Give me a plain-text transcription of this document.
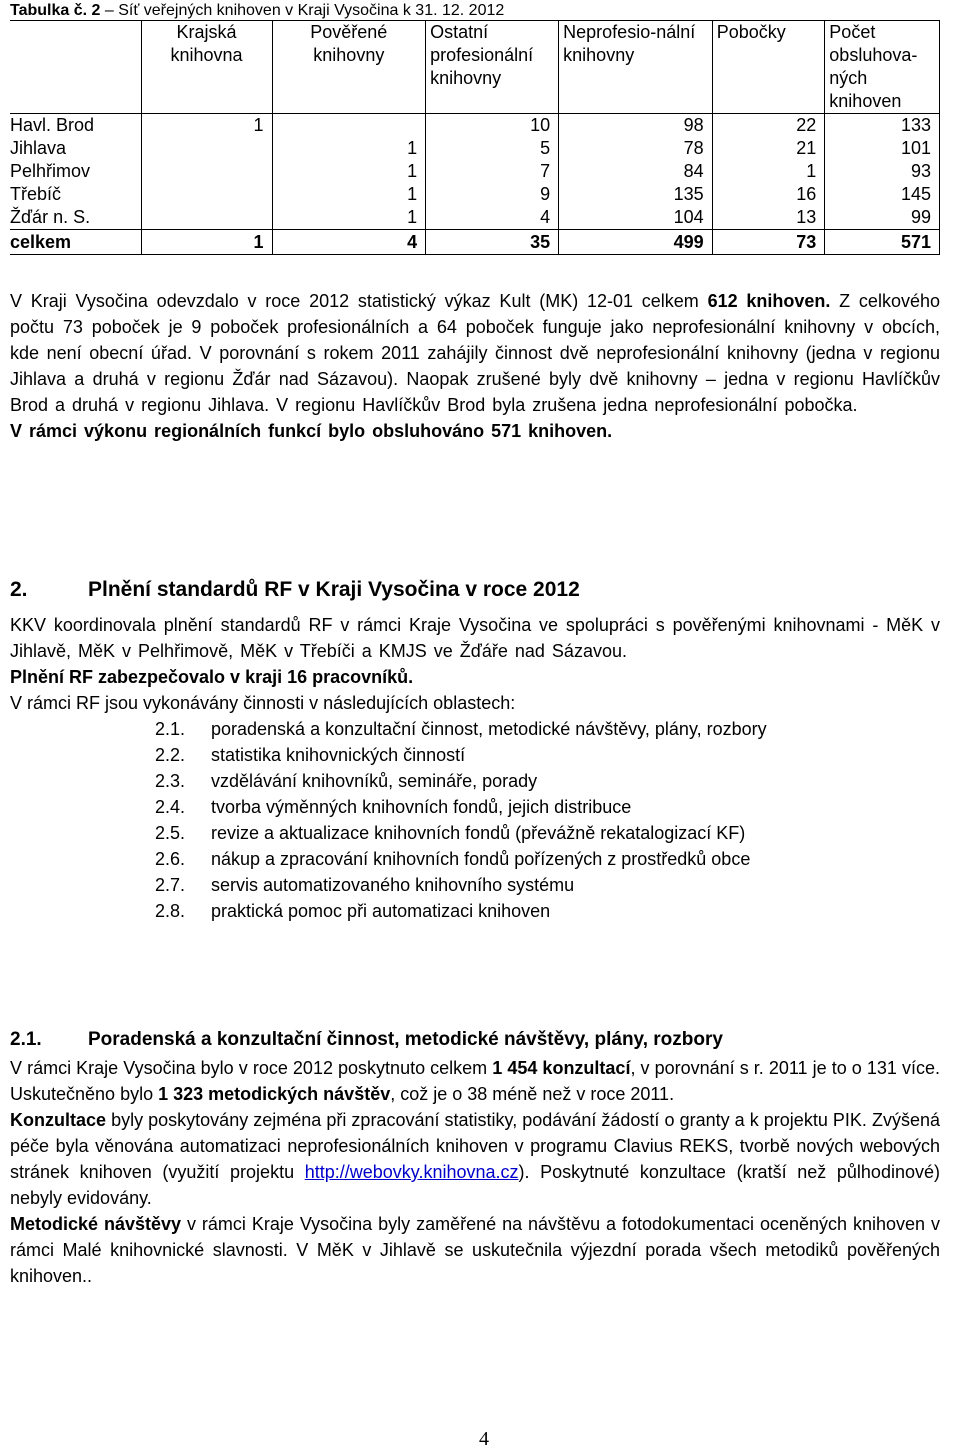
Tabulka č. 2 – Síť veřejných knihoven v Kraji Vysočina k 31. 12. 2012
	Krajská knihovna	Pověřené knihovny	Ostatní profesionální knihovny	Neprofesio-nální knihovny	Pobočky	Počet obsluhova-ných knihoven
Havl. Brod	1		10	98	22	133
Jihlava		1	5	78	21	101
Pelhřimov		1	7	84	1	93
Třebíč		1	9	135	16	145
Žďár n. S.		1	4	104	13	99
celkem	1	4	35	499	73	571

V Kraji Vysočina odevzdalo v roce 2012 statistický výkaz Kult (MK) 12-01 celkem 612 knihoven. Z celkového počtu 73 poboček je 9 poboček profesionálních a 64 poboček funguje jako neprofesionální knihovny v obcích, kde není obecní úřad. V porovnání s rokem 2011 zahájily činnost dvě neprofesionální knihovny (jedna v regionu Jihlava a druhá v regionu Žďár nad Sázavou). Naopak zrušené byly dvě knihovny – jedna v regionu Havlíčkův Brod a druhá v regionu Jihlava. V regionu Havlíčkův Brod byla zrušena jedna neprofesionální pobočka.

V rámci výkonu regionálních funkcí bylo obsluhováno 571 knihoven.

2.	Plnění standardů RF v Kraji Vysočina v roce 2012

KKV koordinovala plnění standardů RF v rámci Kraje Vysočina ve spolupráci s pověřenými knihovnami - MěK v Jihlavě, MěK v Pelhřimově, MěK v Třebíči a KMJS ve Žďáře nad Sázavou.

Plnění RF zabezpečovalo v kraji 16 pracovníků.

V rámci RF jsou vykonávány činnosti v následujících oblastech:

2.1. poradenská a konzultační činnost, metodické návštěvy, plány, rozbory
2.2. statistika knihovnických činností
2.3. vzdělávání knihovníků, semináře, porady
2.4. tvorba výměnných knihovních fondů, jejich distribuce
2.5. revize a aktualizace knihovních fondů (převážně rekatalogizací KF)
2.6. nákup a zpracování knihovních fondů pořízených z prostředků obce
2.7. servis automatizovaného knihovního systému
2.8. praktická pomoc při automatizaci knihoven
2.1. Poradenská a konzultační činnost, metodické návštěvy, plány, rozbory

V rámci Kraje Vysočina bylo v roce 2012 poskytnuto celkem 1 454 konzultací, v porovnání s r. 2011 je to o 131 více. Uskutečněno bylo 1 323 metodických návštěv, což je o 38 méně než v roce 2011.

Konzultace byly poskytovány zejména při zpracování statistiky, podávání žádostí o granty a k projektu PIK. Zvýšená péče byla věnována automatizaci neprofesionálních knihoven v programu Clavius REKS, tvorbě nových webových stránek knihoven (využití projektu http://webovky.knihovna.cz). Poskytnuté konzultace (kratší než půlhodinové) nebyly evidovány.

Metodické návštěvy v rámci Kraje Vysočina byly zaměřené na návštěvu a fotodokumentaci oceněných knihoven v rámci Malé knihovnické slavnosti. V MěK v Jihlavě se uskutečnila výjezdní porada všech metodiků pověřených knihoven..

4
